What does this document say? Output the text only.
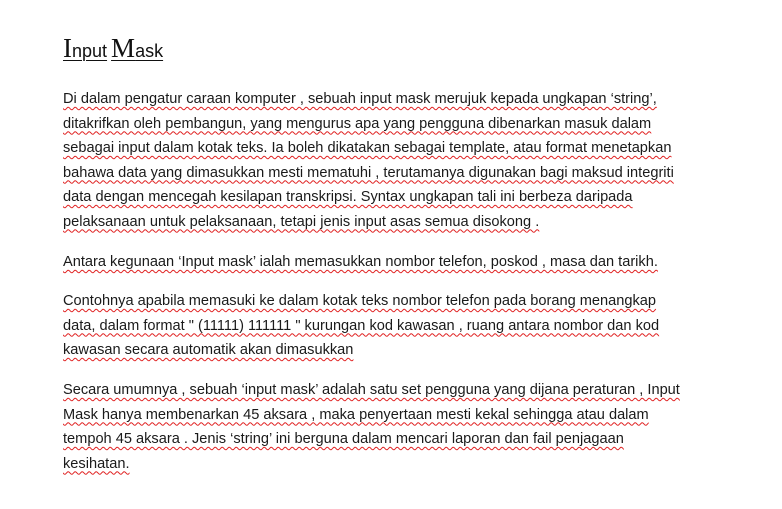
Input Mask

Di dalam pengatur caraan komputer , sebuah input mask merujuk kepada ungkapan ‘string’,
ditakrifkan oleh pembangun, yang mengurus apa yang pengguna dibenarkan masuk dalam
sebagai input dalam kotak teks. Ia boleh dikatakan sebagai template, atau format menetapkan
bahawa data yang dimasukkan mesti mematuhi , terutamanya digunakan bagi maksud integriti
data dengan mencegah kesilapan transkripsi. Syntax ungkapan tali ini berbeza daripada
pelaksanaan untuk pelaksanaan, tetapi jenis input asas semua disokong .

Antara kegunaan ‘Input mask’ ialah memasukkan nombor telefon, poskod , masa dan tarikh.

Contohnya apabila memasuki ke dalam kotak teks nombor telefon pada borang menangkap
data, dalam format " (11111) 111111 " kurungan kod kawasan , ruang antara nombor dan kod
kawasan secara automatik akan dimasukkan

Secara umumnya , sebuah ‘input mask’ adalah satu set pengguna yang dijana peraturan , Input
Mask hanya membenarkan 45 aksara , maka penyertaan mesti kekal sehingga atau dalam
tempoh 45 aksara . Jenis ‘string’ ini berguna dalam mencari laporan dan fail penjagaan
kesihatan.
